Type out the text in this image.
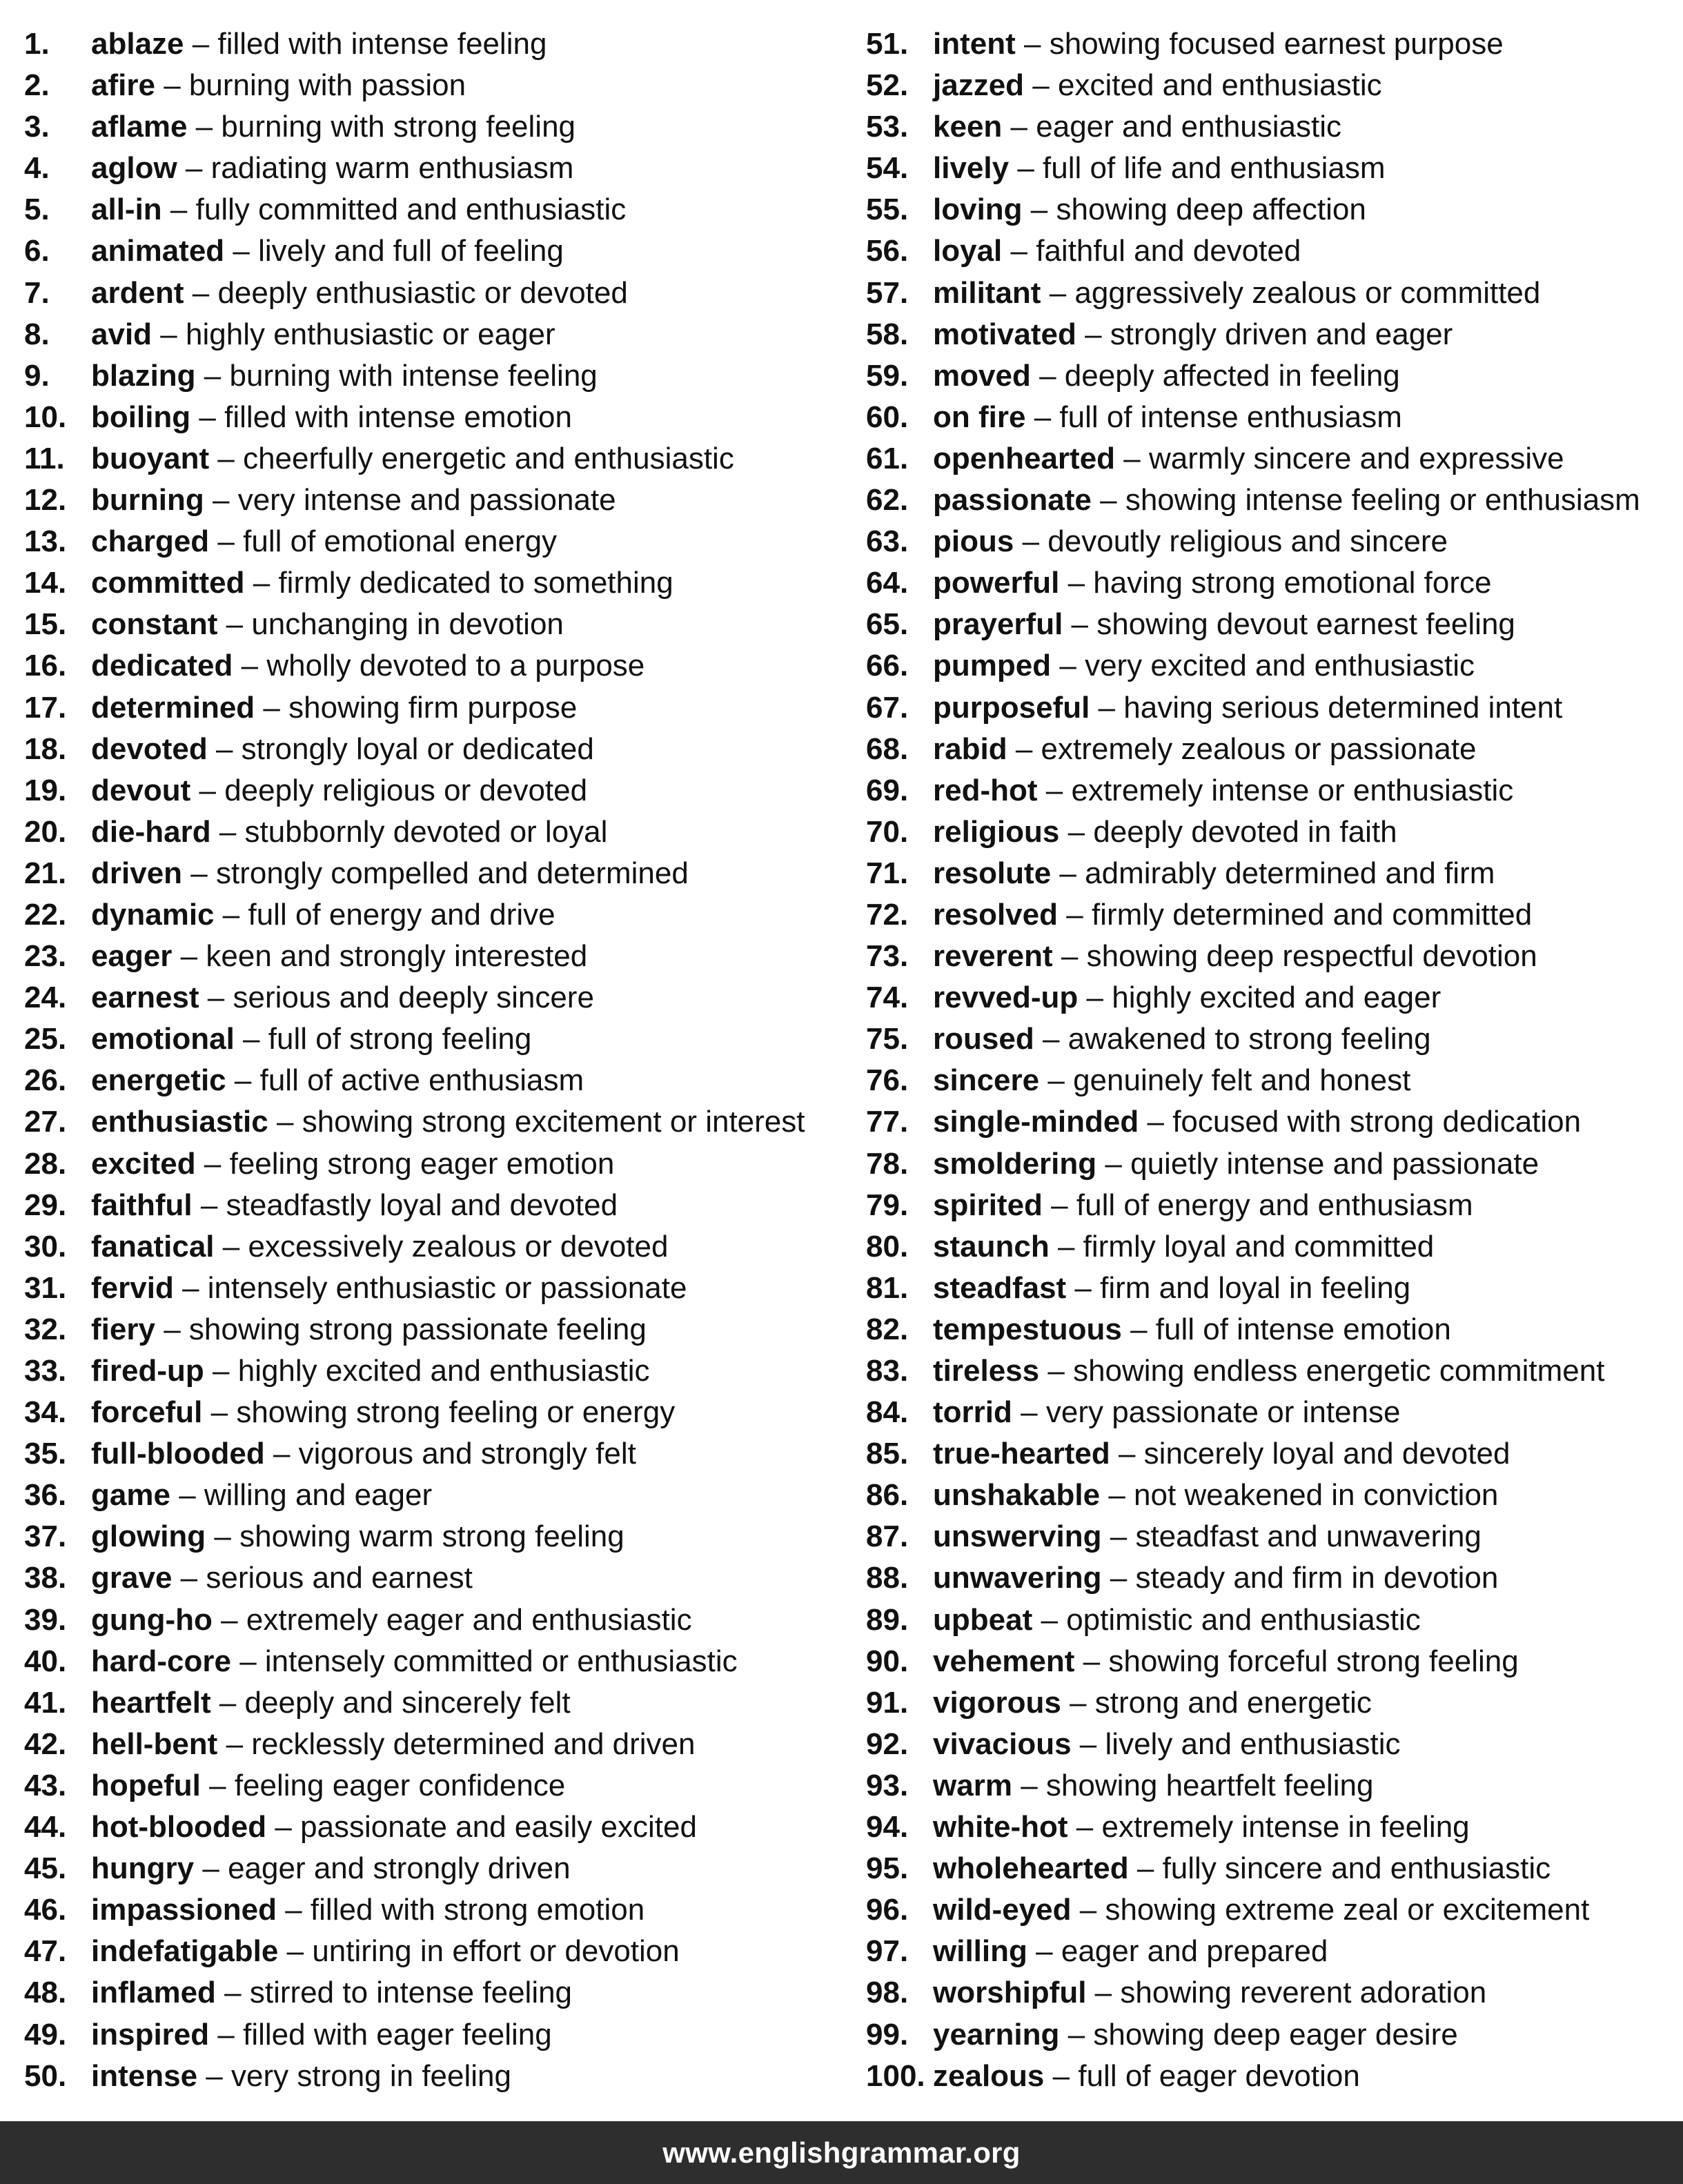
1.	ablaze – filled with intense feeling
2.	afire – burning with passion
3.	aflame – burning with strong feeling
4.	aglow – radiating warm enthusiasm
5.	all-in – fully committed and enthusiastic
6.	animated – lively and full of feeling
7.	ardent – deeply enthusiastic or devoted
8.	avid – highly enthusiastic or eager
9.	blazing – burning with intense feeling
10. boiling – filled with intense emotion
11. buoyant – cheerfully energetic and enthusiastic
12. burning – very intense and passionate
13. charged – full of emotional energy
14. committed – firmly dedicated to something
15. constant – unchanging in devotion
16. dedicated – wholly devoted to a purpose
17. determined – showing firm purpose
18. devoted – strongly loyal or dedicated
19. devout – deeply religious or devoted
20. die-hard – stubbornly devoted or loyal
21. driven – strongly compelled and determined
22. dynamic – full of energy and drive
23. eager – keen and strongly interested
24. earnest – serious and deeply sincere
25. emotional – full of strong feeling
26. energetic – full of active enthusiasm
27. enthusiastic – showing strong excitement or interest
28. excited – feeling strong eager emotion
29. faithful – steadfastly loyal and devoted
30. fanatical – excessively zealous or devoted
31. fervid – intensely enthusiastic or passionate
32. fiery – showing strong passionate feeling
33. fired-up – highly excited and enthusiastic
34. forceful – showing strong feeling or energy
35. full-blooded – vigorous and strongly felt
36. game – willing and eager
37. glowing – showing warm strong feeling
38. grave – serious and earnest
39. gung-ho – extremely eager and enthusiastic
40. hard-core – intensely committed or enthusiastic
41. heartfelt – deeply and sincerely felt
42. hell-bent – recklessly determined and driven
43. hopeful – feeling eager confidence
44. hot-blooded – passionate and easily excited
45. hungry – eager and strongly driven
46. impassioned – filled with strong emotion
47. indefatigable – untiring in effort or devotion
48. inflamed – stirred to intense feeling
49. inspired – filled with eager feeling
50. intense – very strong in feeling
51. intent – showing focused earnest purpose
52. jazzed – excited and enthusiastic
53. keen – eager and enthusiastic
54. lively – full of life and enthusiasm
55. loving – showing deep affection
56. loyal – faithful and devoted
57. militant – aggressively zealous or committed
58. motivated – strongly driven and eager
59. moved – deeply affected in feeling
60. on fire – full of intense enthusiasm
61. openhearted – warmly sincere and expressive
62. passionate – showing intense feeling or enthusiasm
63. pious – devoutly religious and sincere
64. powerful – having strong emotional force
65. prayerful – showing devout earnest feeling
66. pumped – very excited and enthusiastic
67. purposeful – having serious determined intent
68. rabid – extremely zealous or passionate
69. red-hot – extremely intense or enthusiastic
70. religious – deeply devoted in faith
71. resolute – admirably determined and firm
72. resolved – firmly determined and committed
73. reverent – showing deep respectful devotion
74. revved-up – highly excited and eager
75. roused – awakened to strong feeling
76. sincere – genuinely felt and honest
77. single-minded – focused with strong dedication
78. smoldering – quietly intense and passionate
79. spirited – full of energy and enthusiasm
80. staunch – firmly loyal and committed
81. steadfast – firm and loyal in feeling
82. tempestuous – full of intense emotion
83. tireless – showing endless energetic commitment
84. torrid – very passionate or intense
85. true-hearted – sincerely loyal and devoted
86. unshakable – not weakened in conviction
87. unswerving – steadfast and unwavering
88. unwavering – steady and firm in devotion
89. upbeat – optimistic and enthusiastic
90. vehement – showing forceful strong feeling
91. vigorous – strong and energetic
92. vivacious – lively and enthusiastic
93. warm – showing heartfelt feeling
94. white-hot – extremely intense in feeling
95. wholehearted – fully sincere and enthusiastic
96. wild-eyed – showing extreme zeal or excitement
97. willing – eager and prepared
98. worshipful – showing reverent adoration
99. yearning – showing deep eager desire
100. zealous – full of eager devotion
www.englishgrammar.org
